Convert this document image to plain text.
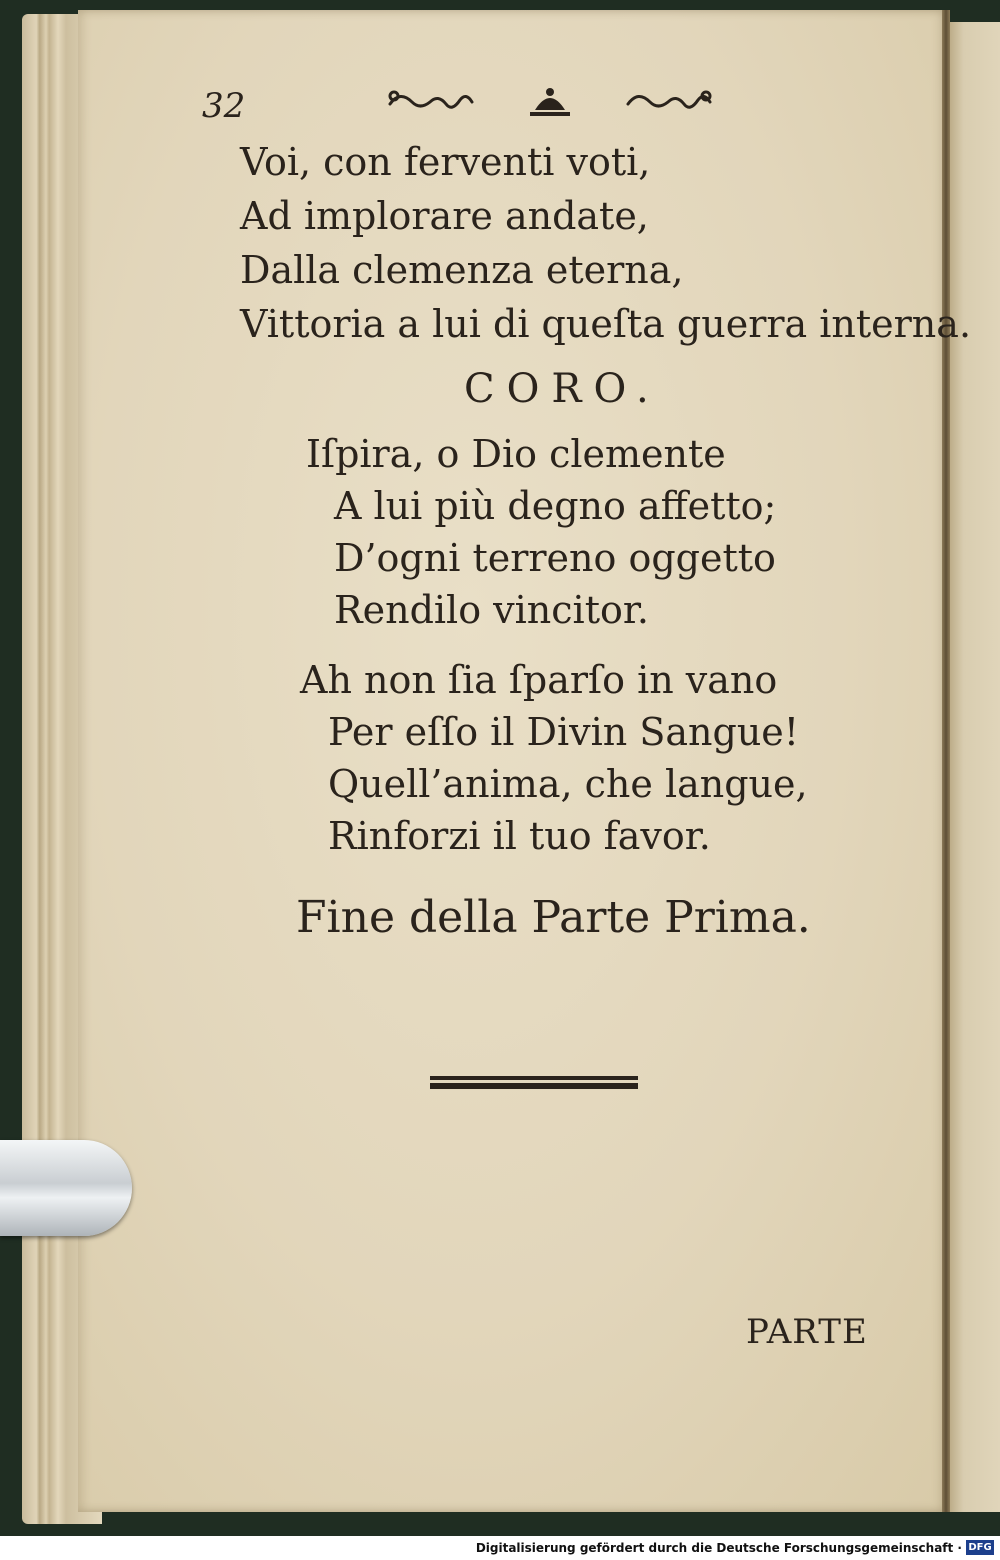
32
Voi, con ferventi voti,
Ad implorare andate,
Dalla clemenza eterna,
Vittoria a lui di queſta guerra interna.
CORO.
Iſpira, o Dio clemente
A lui più degno affetto;
D’ogni terreno oggetto
Rendilo vincitor.
Ah non ſia ſparſo in vano
Per eſſo il Divin Sangue!
Quell’anima, che langue,
Rinforzi il tuo favor.
Fine della Parte Prima.
PARTE
Digitalisierung gefördert durch die Deutsche Forschungsgemeinschaft · DFG
